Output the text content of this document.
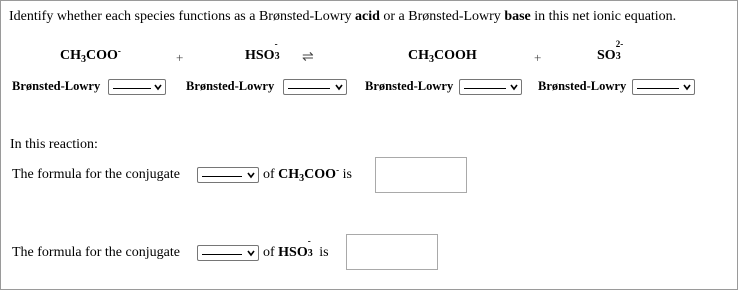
Identify whether each species functions as a Brønsted-Lowry acid or a Brønsted-Lowry base in this net ionic equation.
$CH_3COO^-$	+	HSO
-
3 ⇌	$CH_3COOH$	+	SO
2-
3
Brønsted-Lowry	Brønsted-Lowry	Brønsted-Lowry	Brønsted-Lowry
In this reaction:
The formula for the conjugate	of $CH_3COO^-$ is
The formula for the conjugate	of HSO
-
3 is
